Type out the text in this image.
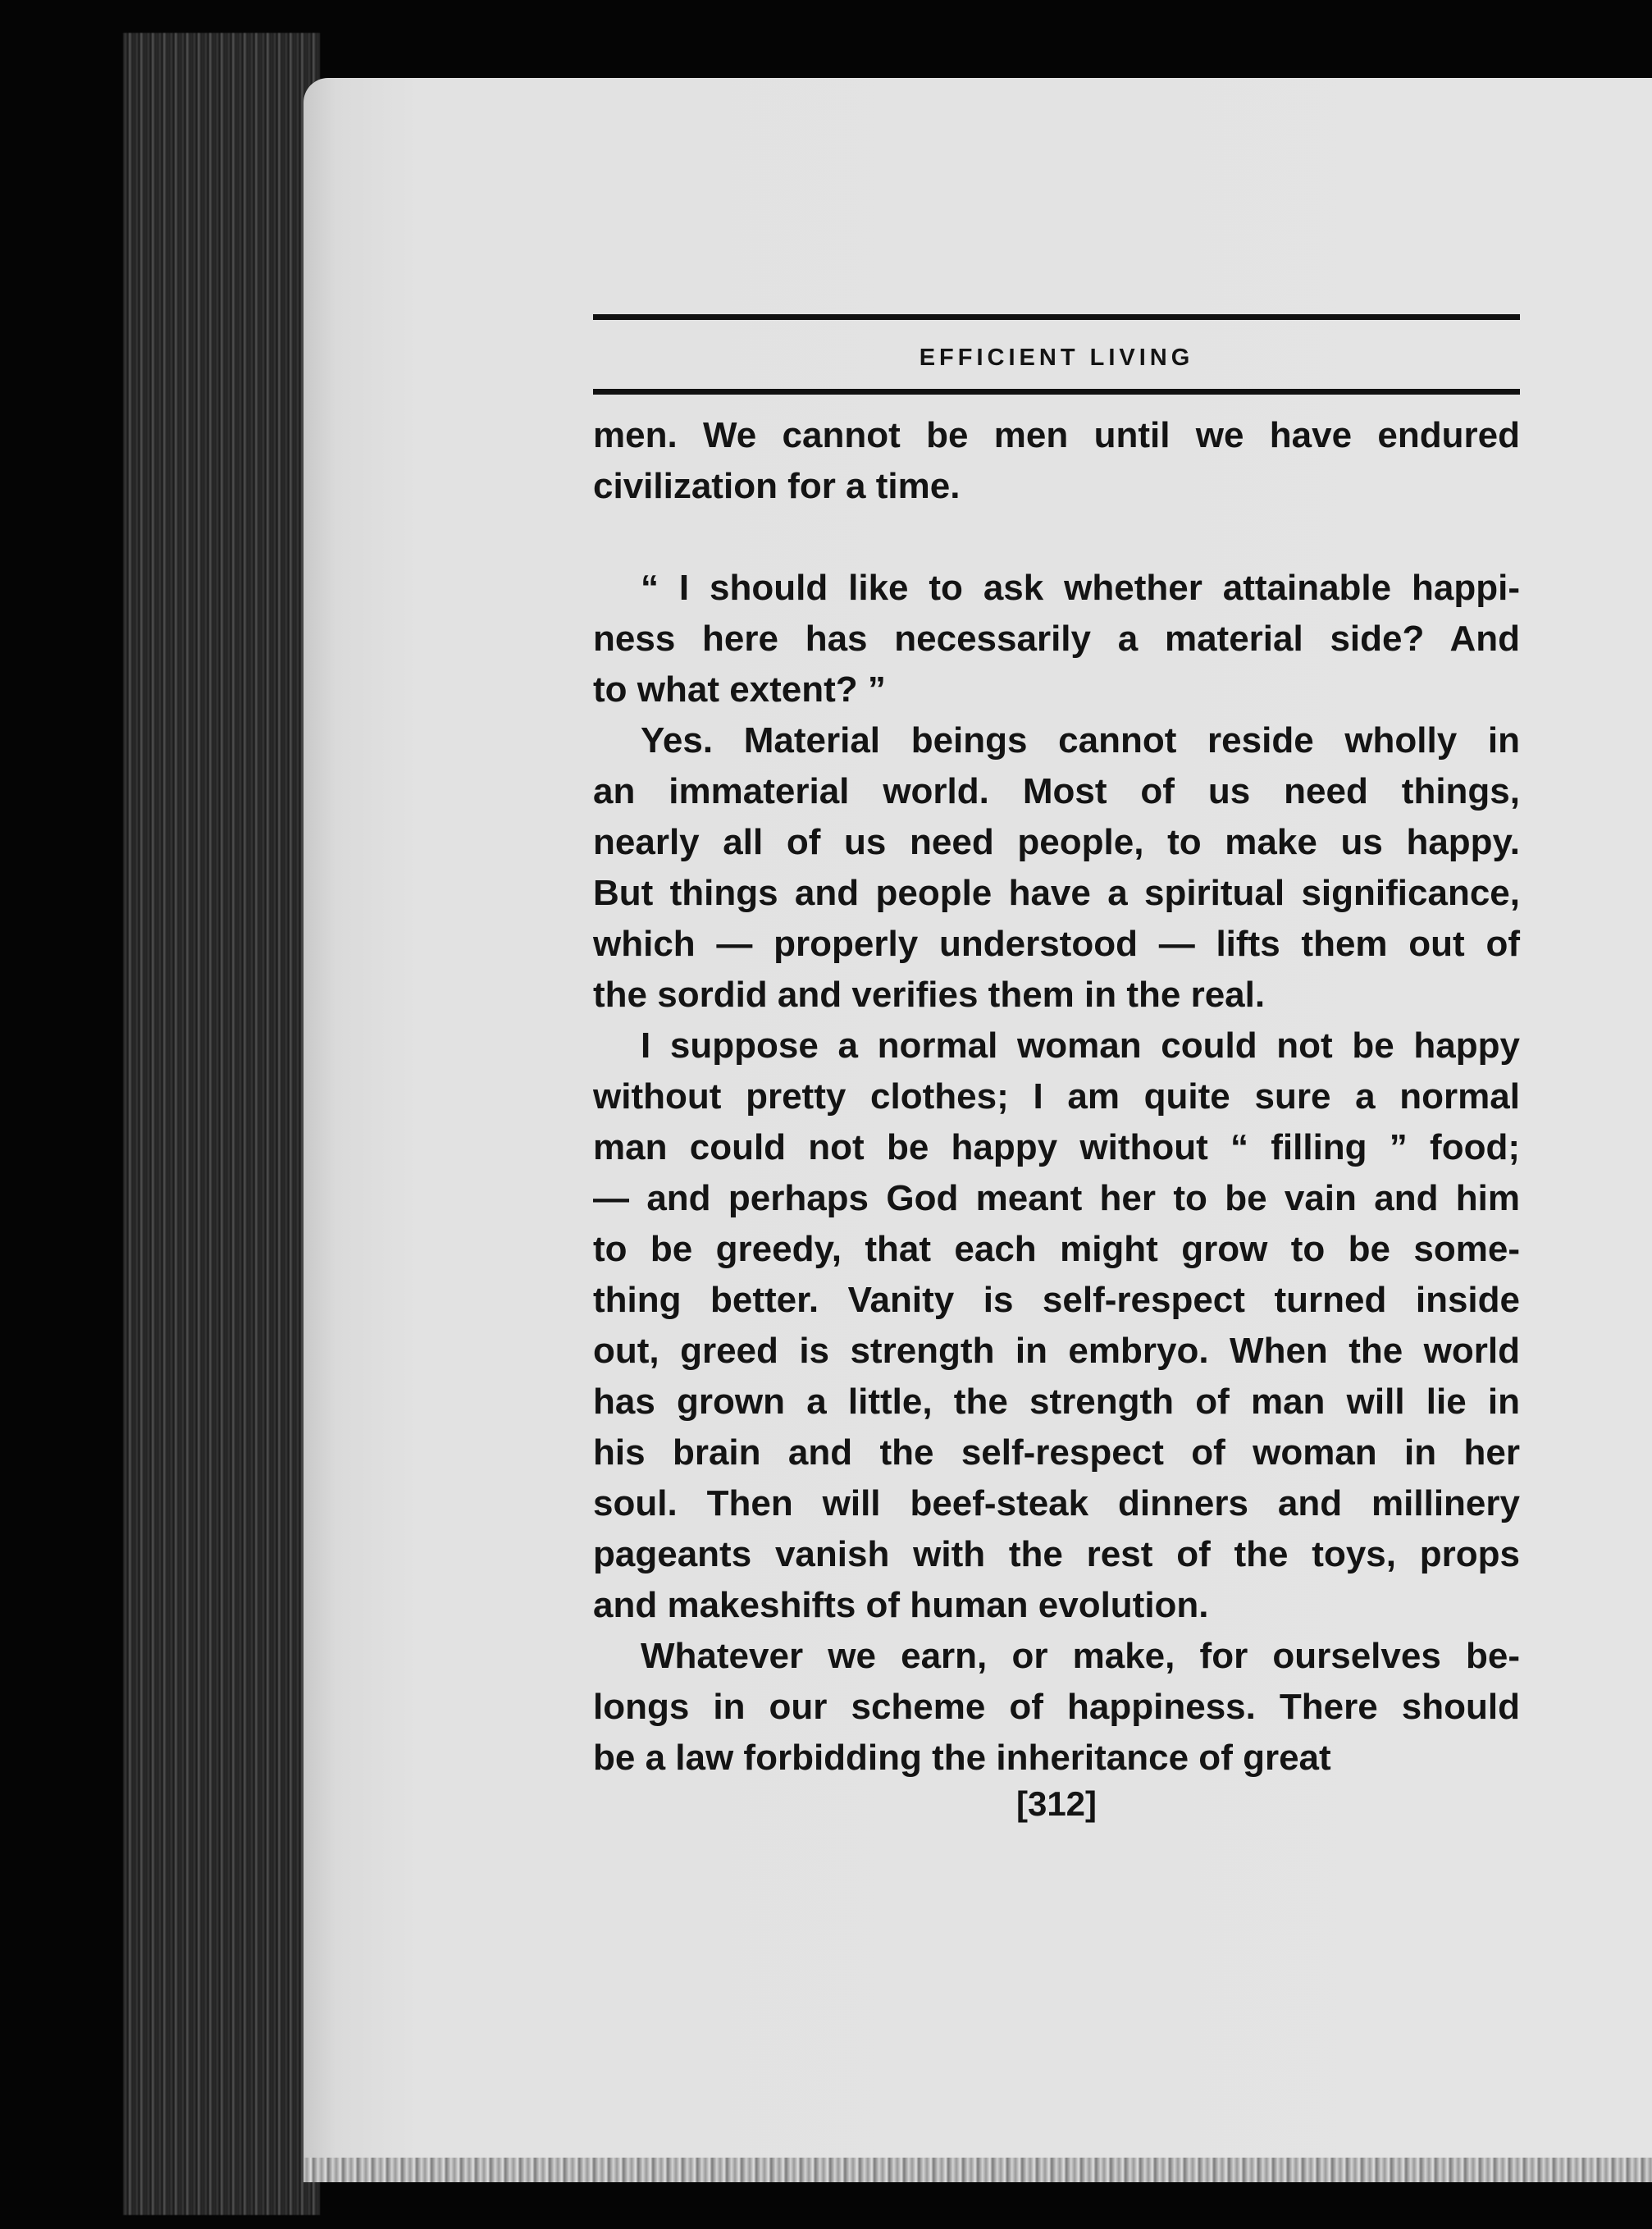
EFFICIENT LIVING
men. We cannot be men until we have endured
civilization for a time.
“ I should like to ask whether attainable happi-
ness here has necessarily a material side? And
to what extent? ”
Yes. Material beings cannot reside wholly in
an immaterial world. Most of us need things,
nearly all of us need people, to make us happy.
But things and people have a spiritual significance,
which — properly understood — lifts them out of
the sordid and verifies them in the real.
I suppose a normal woman could not be happy
without pretty clothes; I am quite sure a normal
man could not be happy without “ filling ” food;
— and perhaps God meant her to be vain and him
to be greedy, that each might grow to be some-
thing better. Vanity is self-respect turned inside
out, greed is strength in embryo. When the world
has grown a little, the strength of man will lie in
his brain and the self-respect of woman in her
soul. Then will beef-steak dinners and millinery
pageants vanish with the rest of the toys, props
and makeshifts of human evolution.
Whatever we earn, or make, for ourselves be-
longs in our scheme of happiness. There should
be a law forbidding the inheritance of great
[312]
